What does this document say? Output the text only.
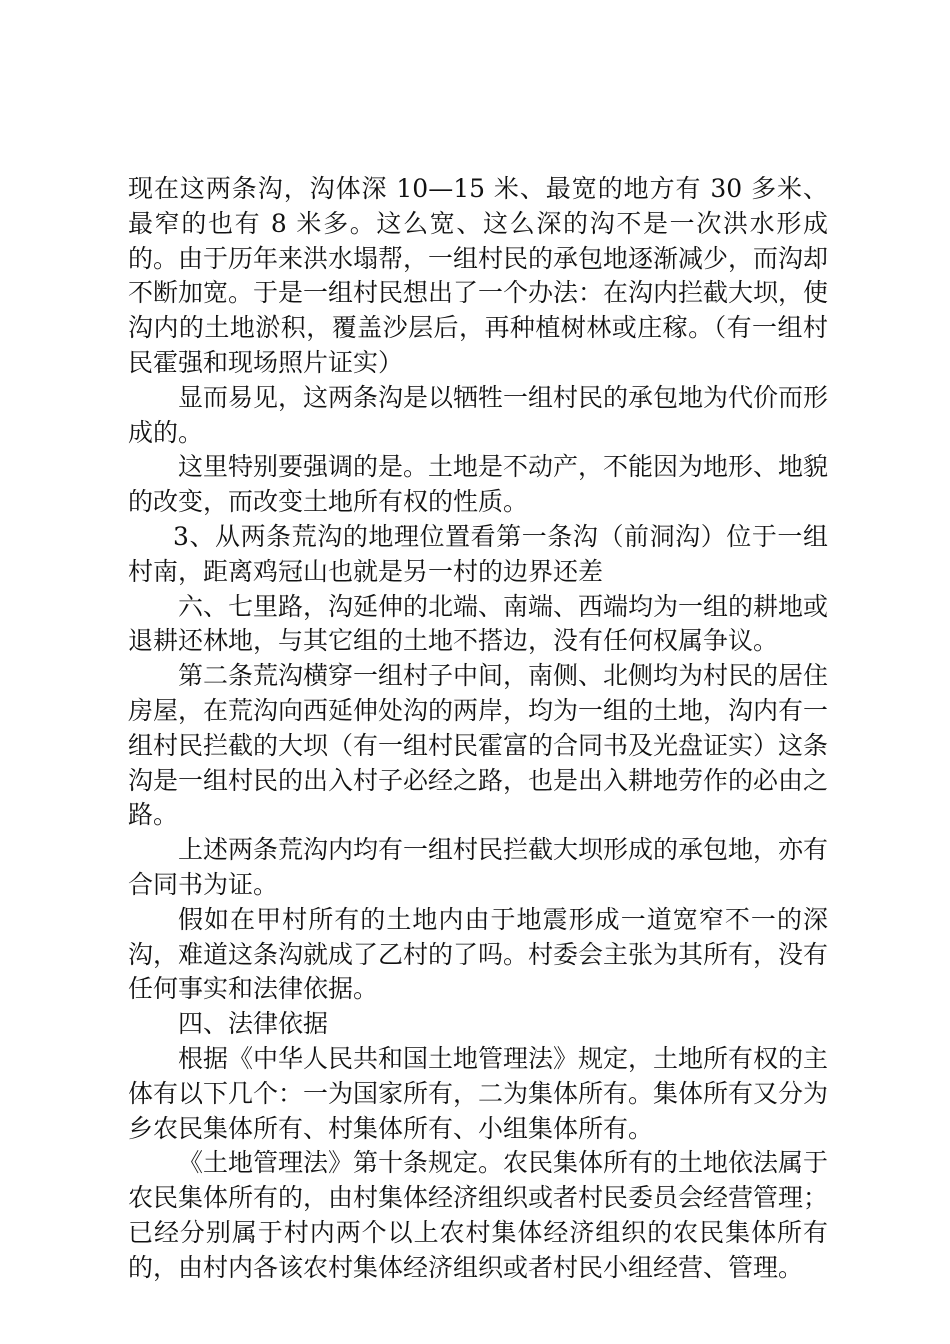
现在这两条沟，沟体深 10—15 米、最宽的地方有 30 多米、最窄的也有 8 米多。这么宽、这么深的沟不是一次洪水形成的。由于历年来洪水塌帮，一组村民的承包地逐渐减少，而沟却不断加宽。于是一组村民想出了一个办法：在沟内拦截大坝，使沟内的土地淤积，覆盖沙层后，再种植树林或庄稼。（有一组村民霍强和现场照片证实）

显而易见，这两条沟是以牺牲一组村民的承包地为代价而形成的。

这里特别要强调的是。土地是不动产，不能因为地形、地貌的改变，而改变土地所有权的性质。

3、从两条荒沟的地理位置看第一条沟（前洞沟）位于一组村南，距离鸡冠山也就是另一村的边界还差

六、七里路，沟延伸的北端、南端、西端均为一组的耕地或退耕还林地，与其它组的土地不搭边，没有任何权属争议。

第二条荒沟横穿一组村子中间，南侧、北侧均为村民的居住房屋，在荒沟向西延伸处沟的两岸，均为一组的土地，沟内有一组村民拦截的大坝（有一组村民霍富的合同书及光盘证实）这条沟是一组村民的出入村子必经之路，也是出入耕地劳作的必由之路。

上述两条荒沟内均有一组村民拦截大坝形成的承包地，亦有合同书为证。

假如在甲村所有的土地内由于地震形成一道宽窄不一的深沟，难道这条沟就成了乙村的了吗。村委会主张为其所有，没有任何事实和法律依据。

四、法律依据

根据《中华人民共和国土地管理法》规定，土地所有权的主体有以下几个：一为国家所有，二为集体所有。集体所有又分为乡农民集体所有、村集体所有、小组集体所有。

《土地管理法》第十条规定。农民集体所有的土地依法属于农民集体所有的，由村集体经济组织或者村民委员会经营管理；已经分别属于村内两个以上农村集体经济组织的农民集体所有的，由村内各该农村集体经济组织或者村民小组经营、管理。
